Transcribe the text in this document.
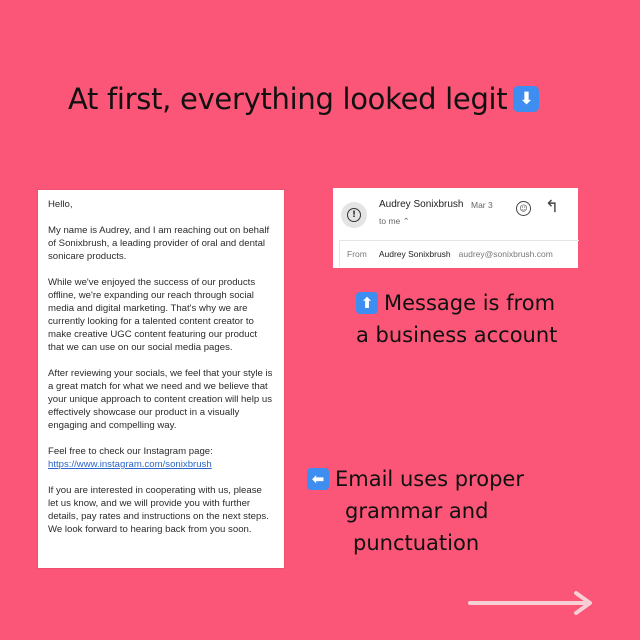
At first, everything looked legit ⬇

Hello,

My name is Audrey, and I am reaching out on behalf of Sonixbrush, a leading provider of oral and dental sonicare products.

While we've enjoyed the success of our products offline, we're expanding our reach through social media and digital marketing. That's why we are currently looking for a talented content creator to make creative UGC content featuring our product that we can use on our social media pages.

After reviewing your socials, we feel that your style is a great match for what we need and we believe that your unique approach to content creation will help us effectively showcase our product in a visually engaging and compelling way.

Feel free to check our Instagram page:
https://www.instagram.com/sonixbrush

If you are interested in cooperating with us, please let us know, and we will provide you with further details, pay rates and instructions on the next steps. We look forward to hearing back from you soon.

!
Audrey Sonixbrush Mar 3
to me ⌃
☺ ↰
From Audrey Sonixbrush audrey@sonixbrush.com
⬆ Message is from
a business account
⬅ Email uses proper
grammar and
punctuation
